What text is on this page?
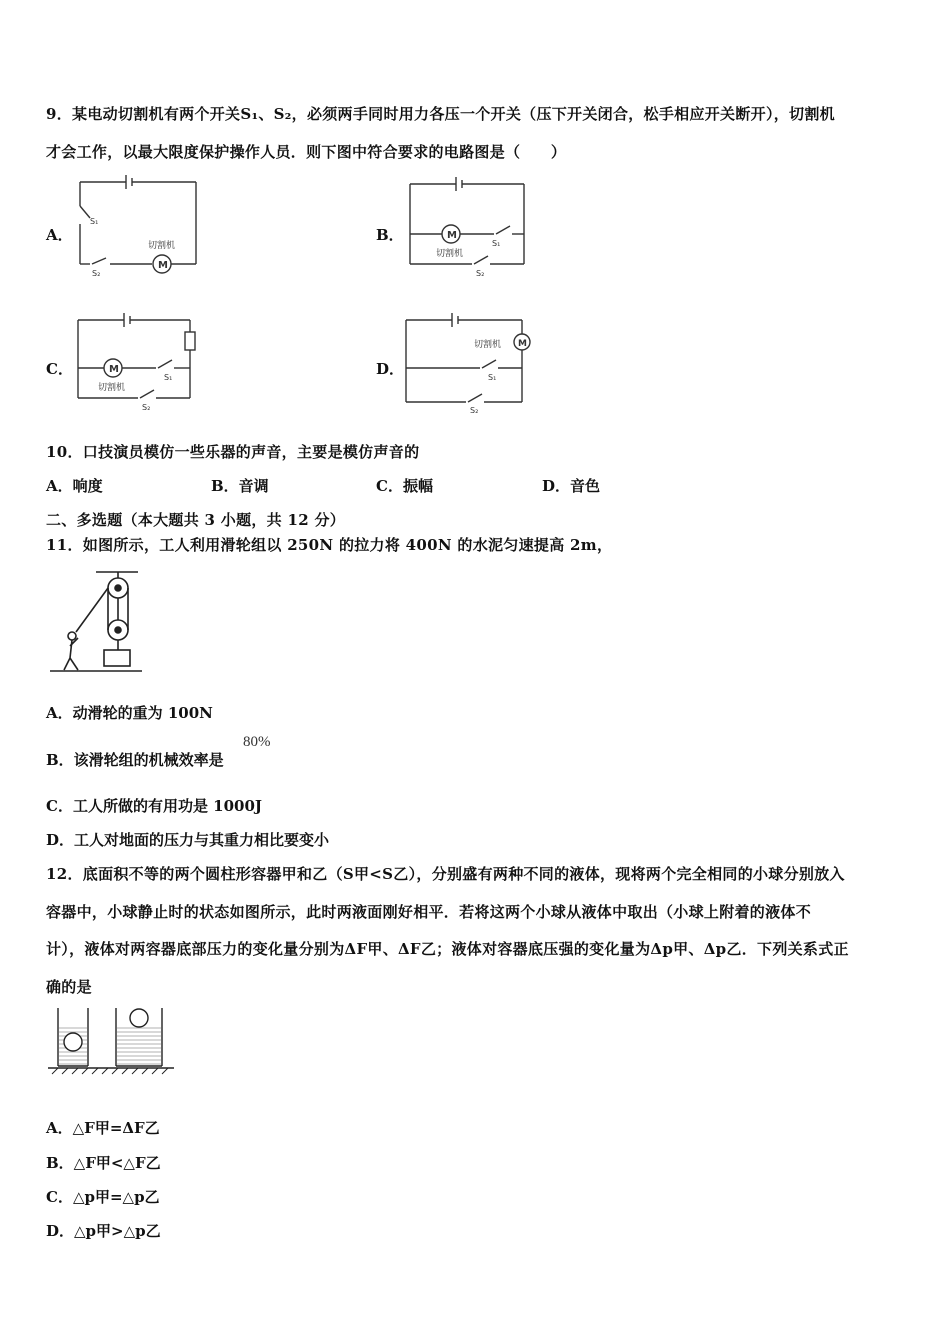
9．某电动切割机有两个开关S₁、S₂，必须两手同时用力各压一个开关（压下开关闭合，松手相应开关断开），切割机
才会工作，以最大限度保护操作人员．则下图中符合要求的电路图是（　　）
A．
M
S₁
S₂
切割机
B．	M
S₁
S₂
切割机
C．	M
S₁
S₂
切割机
D．
M
切割机
S₁
S₂
10．口技演员模仿一些乐器的声音，主要是模仿声音的
A．响度	B．音调	C．振幅	D．音色
二、多选题（本大题共 3 小题，共 12 分）
11．如图所示，工人利用滑轮组以 250N 的拉力将 400N 的水泥匀速提高 2m，
A．动滑轮的重为 100N
B．该滑轮组的机械效率是
80%
C．工人所做的有用功是 1000J
D．工人对地面的压力与其重力相比要变小
12．底面积不等的两个圆柱形容器甲和乙（S甲<S乙），分别盛有两种不同的液体，现将两个完全相同的小球分别放入
容器中，小球静止时的状态如图所示，此时两液面刚好相平．若将这两个小球从液体中取出（小球上附着的液体不
计），液体对两容器底部压力的变化量分别为ΔF甲、ΔF乙；液体对容器底压强的变化量为Δp甲、Δp乙．下列关系式正
确的是
A．△F甲=ΔF乙
B．△F甲<△F乙
C．△p甲=△p乙
D．△p甲>△p乙
